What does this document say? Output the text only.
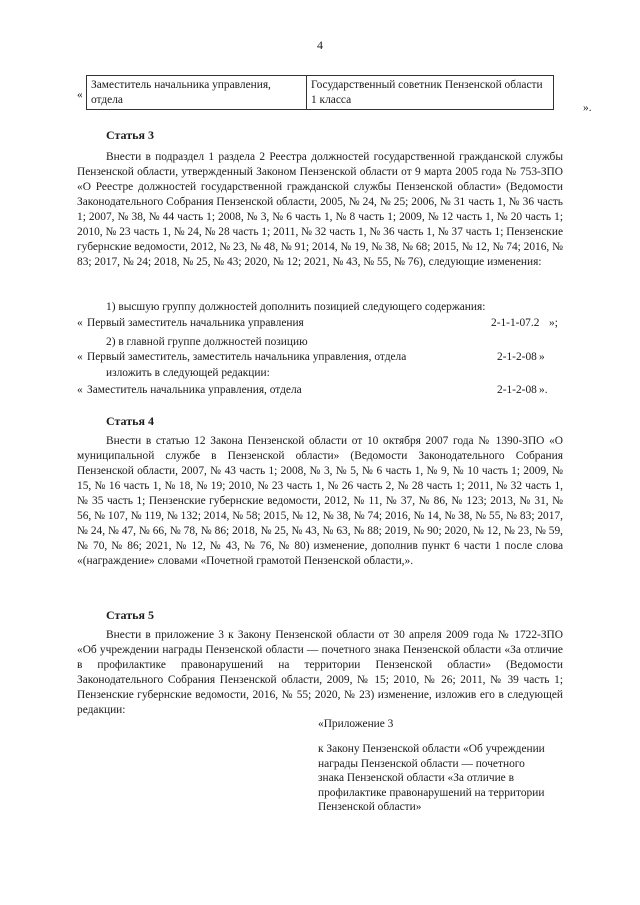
4
«
Заместитель начальника управления, отдела	Государственный советник Пензенской области 1 класса
».
Статья 3
Внести в подраздел 1 раздела 2 Реестра должностей государственной гражданской службы Пензенской области, утвержденный Законом Пензенской области от 9 марта 2005 года № 753-ЗПО «О Реестре должностей государственной гражданской службы Пензенской области» (Ведомости Законодательного Собрания Пензенской области, 2005, № 24, № 25; 2006, № 31 часть 1, № 36 часть 1; 2007, № 38, № 44 часть 1; 2008, № 3, № 6 часть 1, № 8 часть 1; 2009, № 12 часть 1, № 20 часть 1; 2010, № 23 часть 1, № 24, № 28 часть 1; 2011, № 32 часть 1, № 36 часть 1, № 37 часть 1; Пензенские губернские ведомости, 2012, № 23, № 48, № 91; 2014, № 19, № 38, № 68; 2015, № 12, № 74; 2016, № 83; 2017, № 24; 2018, № 25, № 43; 2020, № 12; 2021, № 43, № 55, № 76), следующие изменения:
1) высшую группу должностей дополнить позицией следующего содержания:
« Первый заместитель начальника управления	2-1-1-07.2 »;
2) в главной группе должностей позицию
« Первый заместитель, заместитель начальника управления, отдела	2-1-2-08 »
изложить в следующей редакции:
« Заместитель начальника управления, отдела	2-1-2-08 ».
Статья 4
Внести в статью 12 Закона Пензенской области от 10 октября 2007 года № 1390-ЗПО «О муниципальной службе в Пензенской области» (Ведомости Законодательного Собрания Пензенской области, 2007, № 43 часть 1; 2008, № 3, № 5, № 6 часть 1, № 9, № 10 часть 1; 2009, № 15, № 16 часть 1, № 18, № 19; 2010, № 23 часть 1, № 26 часть 2, № 28 часть 1; 2011, № 32 часть 1, № 35 часть 1; Пензенские губернские ведомости, 2012, № 11, № 37, № 86, № 123; 2013, № 31, № 56, № 107, № 119, № 132; 2014, № 58; 2015, № 12, № 38, № 74; 2016, № 14, № 38, № 55, № 83; 2017, № 24, № 47, № 66, № 78, № 86; 2018, № 25, № 43, № 63, № 88; 2019, № 90; 2020, № 12, № 23, № 59, № 70, № 86; 2021, № 12, № 43, № 76, № 80) изменение, дополнив пункт 6 части 1 после слова «(награждение» словами «Почетной грамотой Пензенской области,».
Статья 5
Внести в приложение 3 к Закону Пензенской области от 30 апреля 2009 года № 1722-ЗПО «Об учреждении награды Пензенской области — почетного знака Пензенской области «За отличие в профилактике правонарушений на территории Пензенской области» (Ведомости Законодательного Собрания Пензенской области, 2009, № 15; 2010, № 26; 2011, № 39 часть 1; Пензенские губернские ведомости, 2016, № 55; 2020, № 23) изменение, изложив его в следующей редакции:
«Приложение 3
к Закону Пензенской области «Об учреждении награды Пензенской области — почетного знака Пензенской области «За отличие в профилактике правонарушений на территории Пензенской области»
